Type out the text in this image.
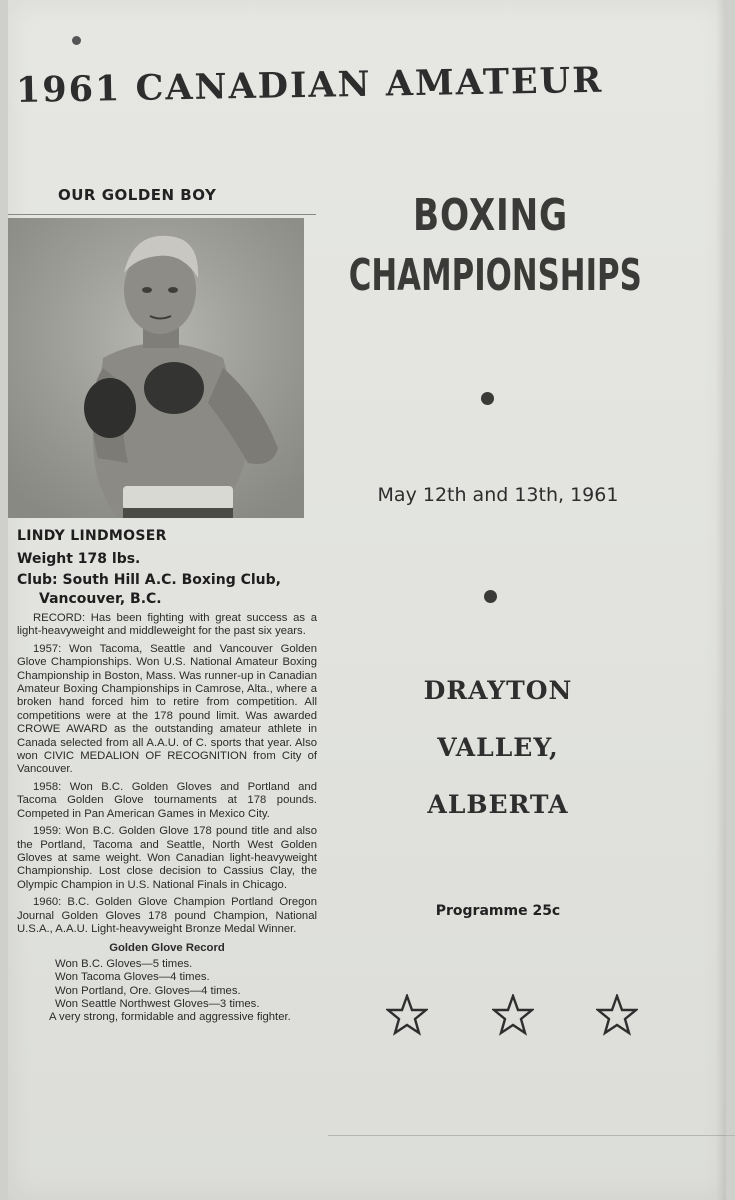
1961 CANADIAN AMATEUR
OUR GOLDEN BOY
LINDY LINDMOSER
Weight 178 lbs.
Club: South Hill A.C. Boxing Club,
Vancouver, B.C.

RECORD: Has been fighting with great success as a light-heavyweight and middleweight for the past six years.

1957: Won Tacoma, Seattle and Vancouver Golden Glove Championships. Won U.S. National Amateur Boxing Championship in Boston, Mass. Was runner-up in Canadian Amateur Boxing Championships in Camrose, Alta., where a broken hand forced him to retire from competition. All competitions were at the 178 pound limit. Was awarded CROWE AWARD as the outstanding amateur athlete in Canada selected from all A.A.U. of C. sports that year. Also won CIVIC MEDALION OF RECOGNITION from City of Vancouver.

1958: Won B.C. Golden Gloves and Portland and Tacoma Golden Glove tournaments at 178 pounds. Competed in Pan American Games in Mexico City.

1959: Won B.C. Golden Glove 178 pound title and also the Portland, Tacoma and Seattle, North West Golden Gloves at same weight. Won Canadian light-heavyweight Championship. Lost close decision to Cassius Clay, the Olympic Champion in U.S. National Finals in Chicago.

1960: B.C. Golden Glove Champion Portland Oregon Journal Golden Gloves 178 pound Champion, National U.S.A., A.A.U. Light-heavyweight Bronze Medal Winner.

Golden Glove Record
Won B.C. Gloves—5 times.
Won Tacoma Gloves—4 times.
Won Portland, Ore. Gloves—4 times.
Won Seattle Northwest Gloves—3 times.

A very strong, formidable and aggressive fighter.

BOXING
CHAMPIONSHIPS
May 12th and 13th, 1961
DRAYTON
VALLEY,
ALBERTA
Programme 25c
